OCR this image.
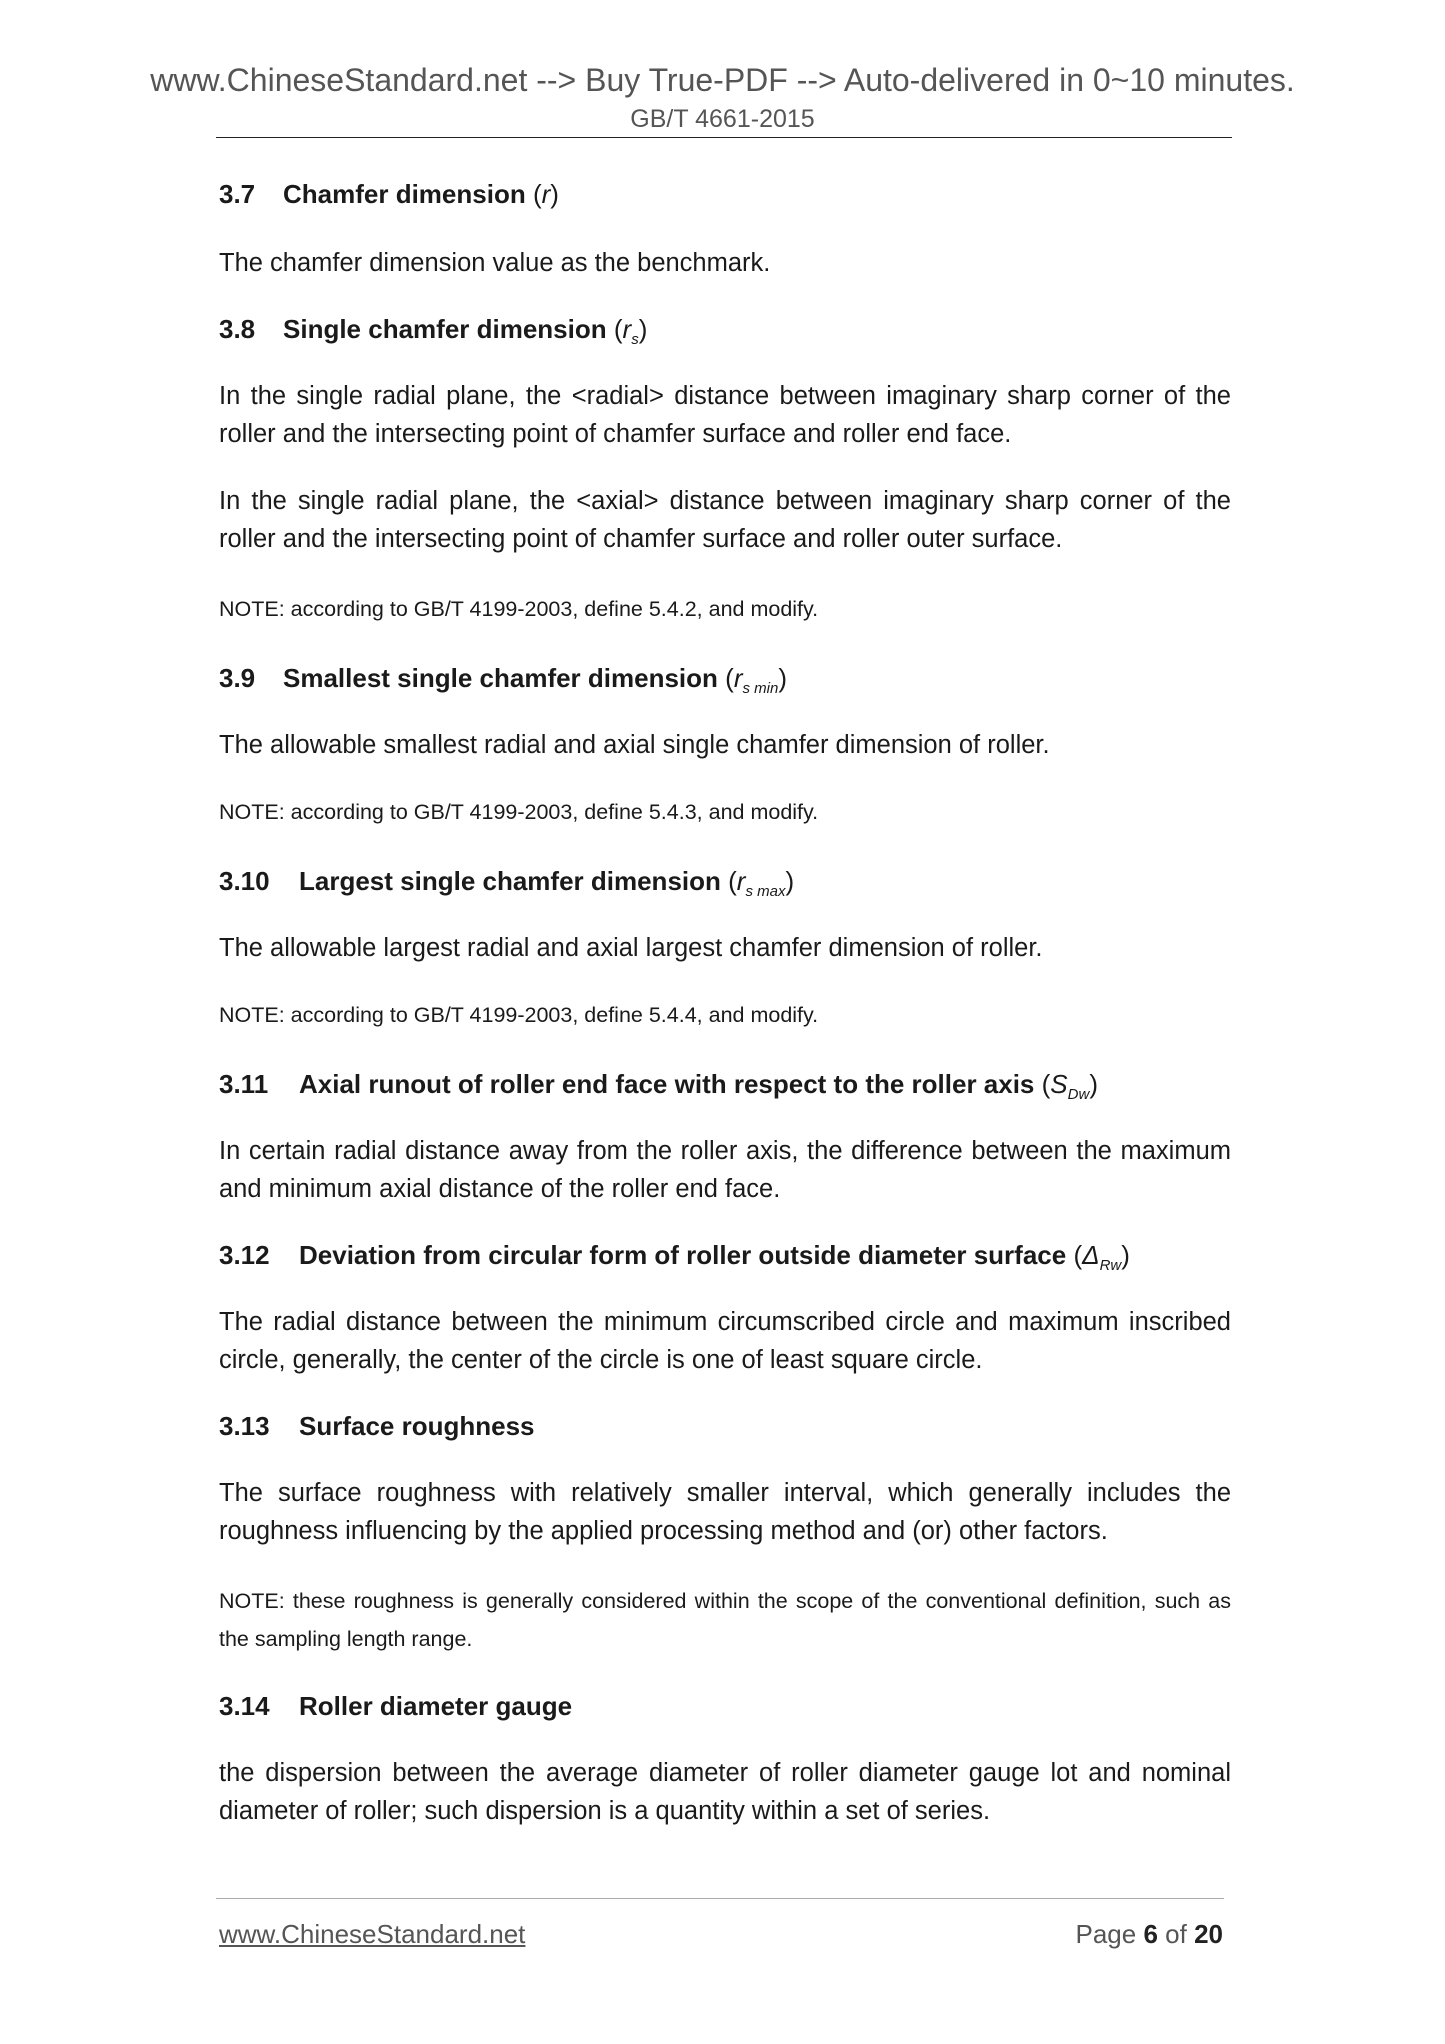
www.ChineseStandard.net --> Buy True-PDF --> Auto-delivered in 0~10 minutes.
GB/T 4661-2015
3.7 Chamfer dimension (r)

The chamfer dimension value as the benchmark.

3.8 Single chamfer dimension $(r_s)$

In the single radial plane, the <radial> distance between imaginary sharp corner of the roller and the intersecting point of chamfer surface and roller end face.

In the single radial plane, the <axial> distance between imaginary sharp corner of the roller and the intersecting point of chamfer surface and roller outer surface.

NOTE: according to GB/T 4199-2003, define 5.4.2, and modify.

3.9 Smallest single chamfer dimension $(r_{s min})$

The allowable smallest radial and axial single chamfer dimension of roller.

NOTE: according to GB/T 4199-2003, define 5.4.3, and modify.

3.10 Largest single chamfer dimension $(r_{s max})$

The allowable largest radial and axial largest chamfer dimension of roller.

NOTE: according to GB/T 4199-2003, define 5.4.4, and modify.

3.11 Axial runout of roller end face with respect to the roller axis $(S_{Dw})$

In certain radial distance away from the roller axis, the difference between the maximum and minimum axial distance of the roller end face.

3.12 Deviation from circular form of roller outside diameter surface $(\Delta_{Rw})$

The radial distance between the minimum circumscribed circle and maximum inscribed circle, generally, the center of the circle is one of least square circle.

3.13 Surface roughness

The surface roughness with relatively smaller interval, which generally includes the roughness influencing by the applied processing method and (or) other factors.

NOTE: these roughness is generally considered within the scope of the conventional definition, such as the sampling length range.

3.14 Roller diameter gauge

the dispersion between the average diameter of roller diameter gauge lot and nominal diameter of roller; such dispersion is a quantity within a set of series.

www.ChineseStandard.net	Page 6 of 20
